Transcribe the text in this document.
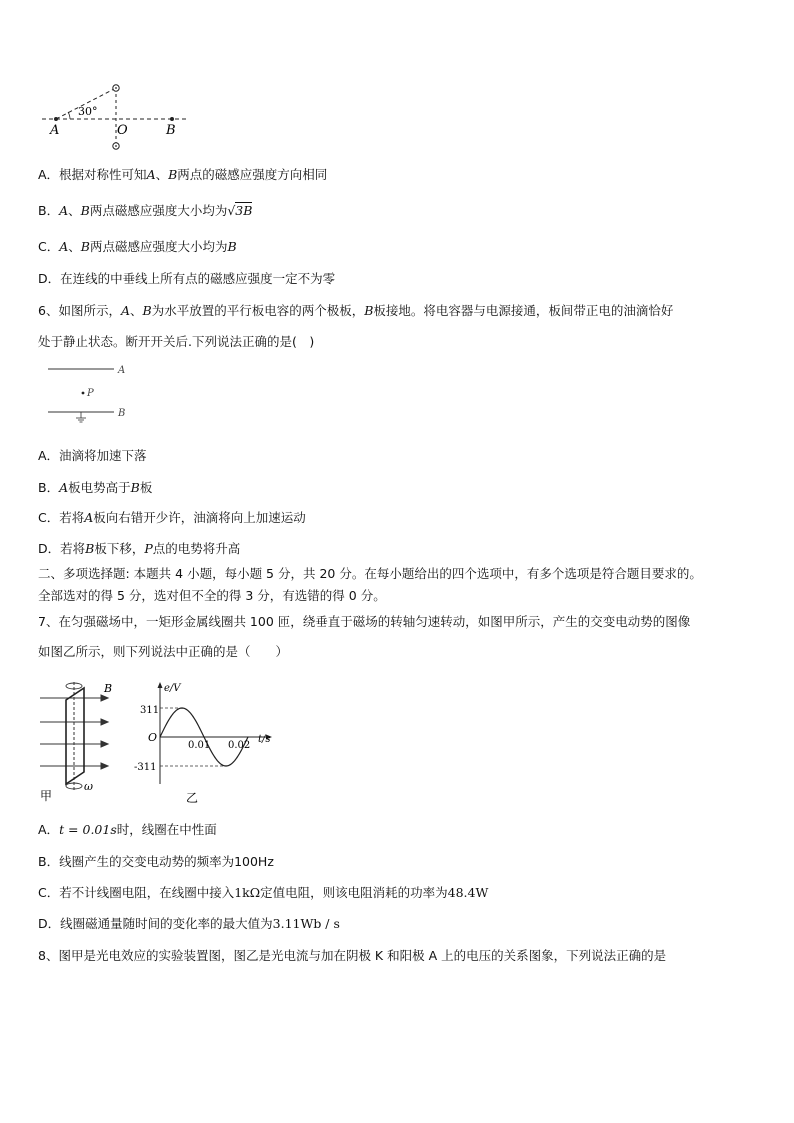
30°
A	O	B
A．根据对称性可知A、B两点的磁感应强度方向相同
B．A、B两点磁感应强度大小均为√3B
C．A、B两点磁感应强度大小均为B
D．在连线的中垂线上所有点的磁感应强度一定不为零
6、如图所示，A、B为水平放置的平行板电容的两个极板，B板接地。将电容器与电源接通，板间带正电的油滴恰好
处于静止状态。断开开关后.下列说法正确的是(　)
A
P
B
A．油滴将加速下落
B．A板电势高于B板
C．若将A板向右错开少许，油滴将向上加速运动
D．若将B板下移，P点的电势将升高
二、多项选择题: 本题共 4 小题，每小题 5 分，共 20 分。在每小题给出的四个选项中，有多个选项是符合题目要求的。
全部选对的得 5 分，选对但不全的得 3 分，有选错的得 0 分。
7、在匀强磁场中，一矩形金属线圈共 100 匝，绕垂直于磁场的转轴匀速转动，如图甲所示，产生的交变电动势的图像
如图乙所示，则下列说法中正确的是（　　）
B
ω
甲
e/V
t/s
O
311
-311
0.01 0.02
乙
A．t = 0.01s时，线圈在中性面
B．线圈产生的交变电动势的频率为100Hz
C．若不计线圈电阻，在线圈中接入1kΩ定值电阻，则该电阻消耗的功率为48.4W
D．线圈磁通量随时间的变化率的最大值为3.11Wb / s
8、图甲是光电效应的实验装置图，图乙是光电流与加在阴极 K 和阳极 A 上的电压的关系图象，下列说法正确的是
